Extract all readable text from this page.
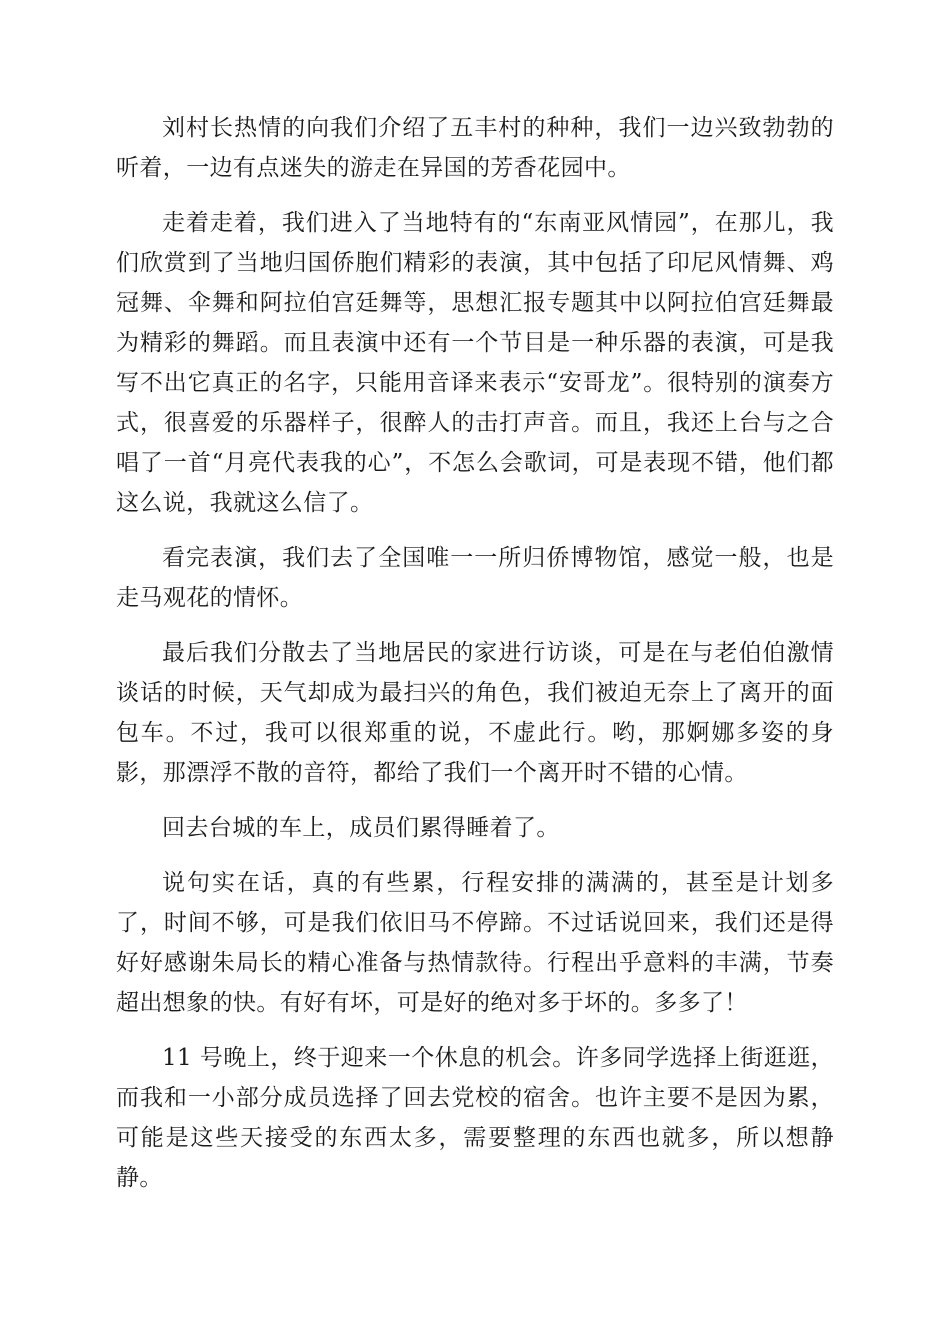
刘村长热情的向我们介绍了五丰村的种种，我们一边兴致勃勃的听着，一边有点迷失的游走在异国的芳香花园中。

走着走着，我们进入了当地特有的“东南亚风情园”，在那儿，我们欣赏到了当地归国侨胞们精彩的表演，其中包括了印尼风情舞、鸡冠舞、伞舞和阿拉伯宫廷舞等，思想汇报专题其中以阿拉伯宫廷舞最为精彩的舞蹈。而且表演中还有一个节目是一种乐器的表演，可是我写不出它真正的名字，只能用音译来表示“安哥龙”。很特别的演奏方式，很喜爱的乐器样子，很醉人的击打声音。而且，我还上台与之合唱了一首“月亮代表我的心”，不怎么会歌词，可是表现不错，他们都这么说，我就这么信了。

看完表演，我们去了全国唯一一所归侨博物馆，感觉一般，也是走马观花的情怀。

最后我们分散去了当地居民的家进行访谈，可是在与老伯伯激情谈话的时候，天气却成为最扫兴的角色，我们被迫无奈上了离开的面包车。不过，我可以很郑重的说，不虚此行。哟，那婀娜多姿的身影，那漂浮不散的音符，都给了我们一个离开时不错的心情。

回去台城的车上，成员们累得睡着了。

说句实在话，真的有些累，行程安排的满满的，甚至是计划多了，时间不够，可是我们依旧马不停蹄。不过话说回来，我们还是得好好感谢朱局长的精心准备与热情款待。行程出乎意料的丰满，节奏超出想象的快。有好有坏，可是好的绝对多于坏的。多多了！

11 号晚上，终于迎来一个休息的机会。许多同学选择上街逛逛，而我和一小部分成员选择了回去党校的宿舍。也许主要不是因为累，可能是这些天接受的东西太多，需要整理的东西也就多，所以想静静。
